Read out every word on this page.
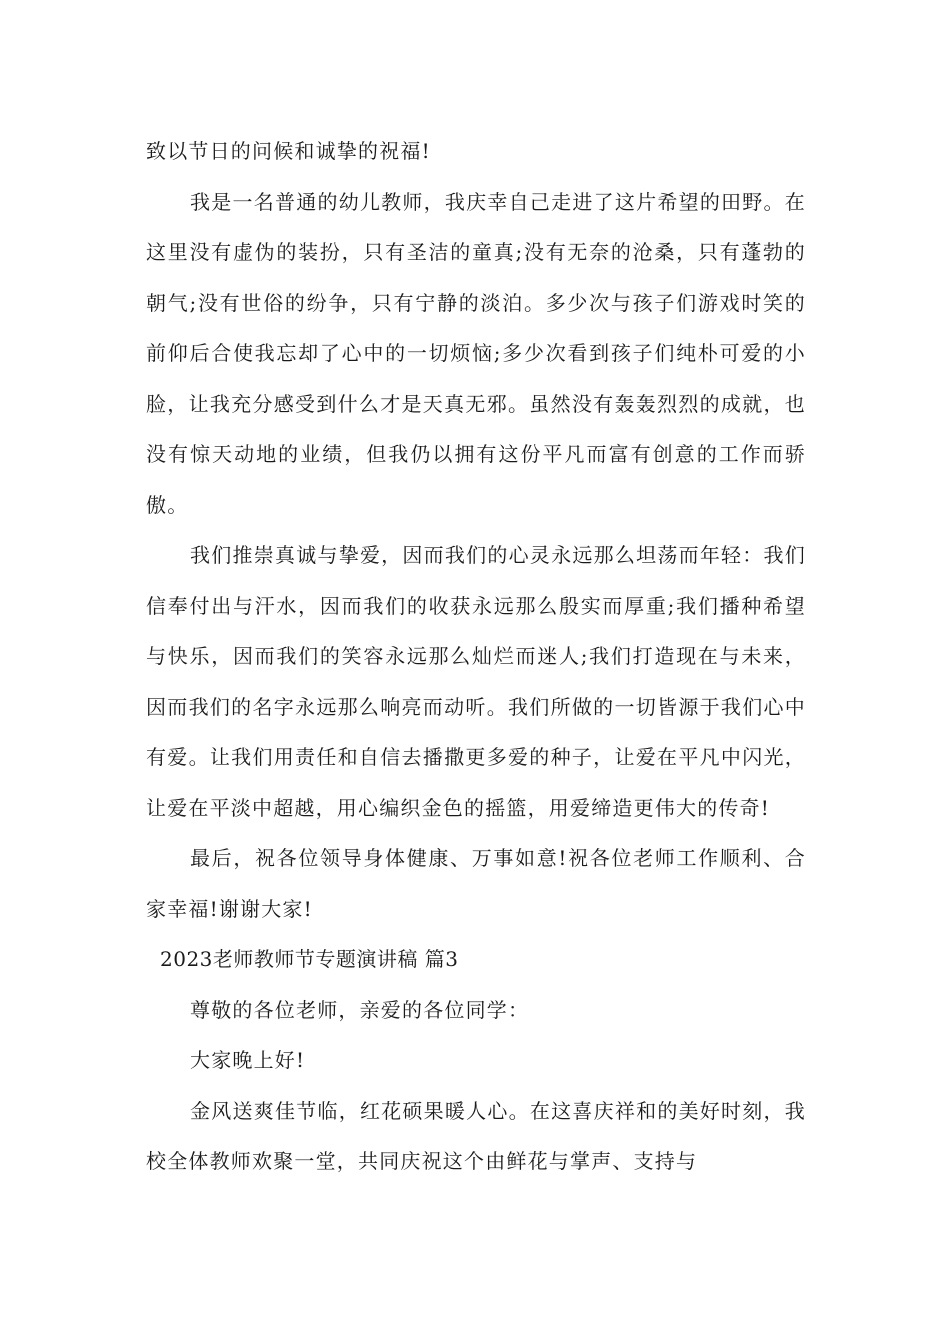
致以节日的问候和诚挚的祝福!

我是一名普通的幼儿教师，我庆幸自己走进了这片希望的田野。在这里没有虚伪的装扮，只有圣洁的童真;没有无奈的沧桑，只有蓬勃的朝气;没有世俗的纷争，只有宁静的淡泊。多少次与孩子们游戏时笑的前仰后合使我忘却了心中的一切烦恼;多少次看到孩子们纯朴可爱的小脸，让我充分感受到什么才是天真无邪。虽然没有轰轰烈烈的成就，也没有惊天动地的业绩，但我仍以拥有这份平凡而富有创意的工作而骄傲。

我们推崇真诚与挚爱，因而我们的心灵永远那么坦荡而年轻：我们信奉付出与汗水，因而我们的收获永远那么殷实而厚重;我们播种希望与快乐，因而我们的笑容永远那么灿烂而迷人;我们打造现在与未来，因而我们的名字永远那么响亮而动听。我们所做的一切皆源于我们心中有爱。让我们用责任和自信去播撒更多爱的种子，让爱在平凡中闪光，让爱在平淡中超越，用心编织金色的摇篮，用爱缔造更伟大的传奇!

最后，祝各位领导身体健康、万事如意!祝各位老师工作顺利、合家幸福!谢谢大家!

2023老师教师节专题演讲稿 篇3

尊敬的各位老师，亲爱的各位同学：

大家晚上好!

金风送爽佳节临，红花硕果暖人心。在这喜庆祥和的美好时刻，我校全体教师欢聚一堂，共同庆祝这个由鲜花与掌声、支持与
